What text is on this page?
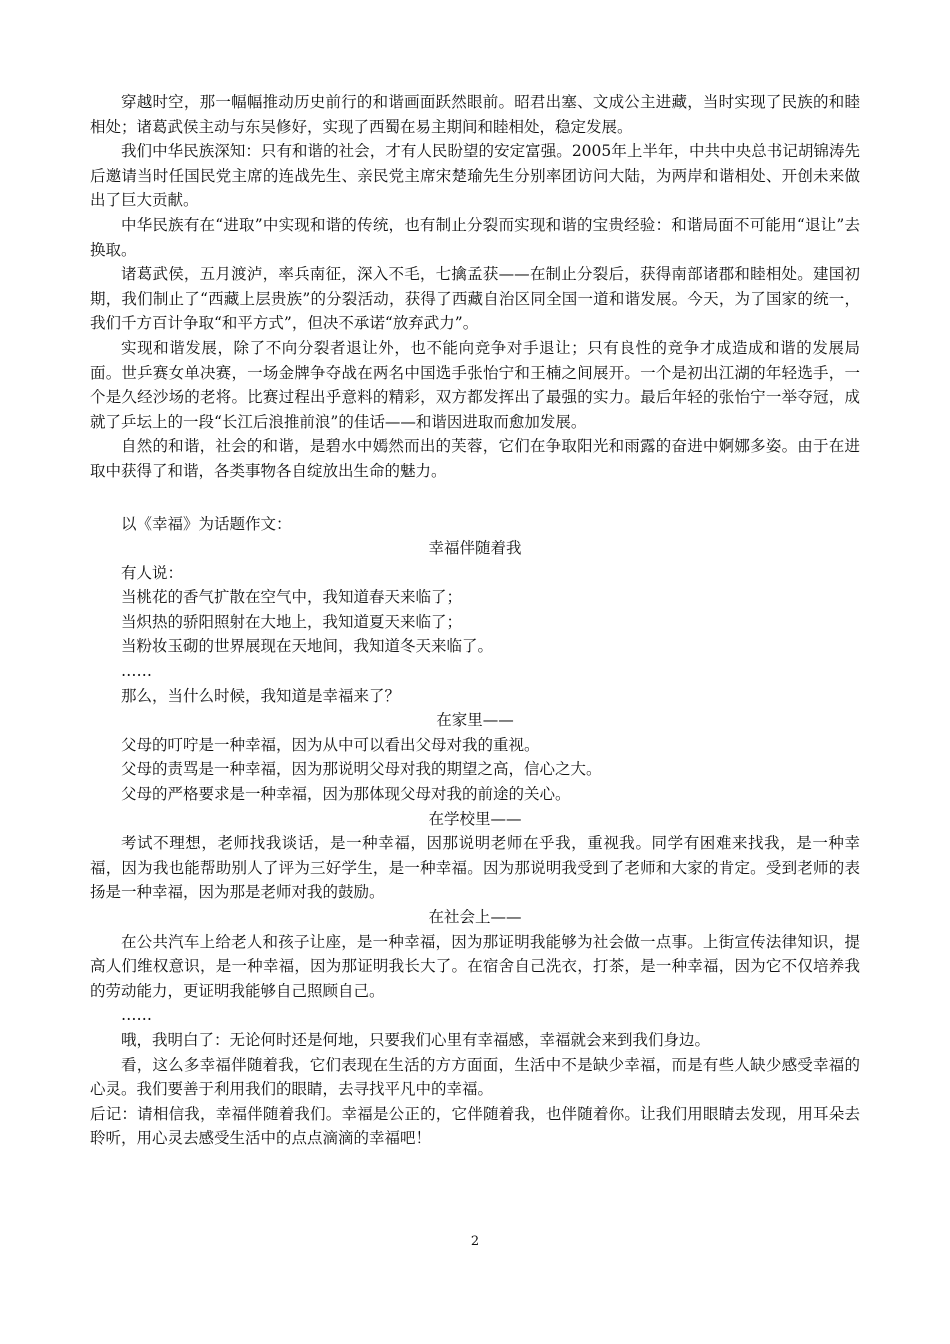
穿越时空，那一幅幅推动历史前行的和谐画面跃然眼前。昭君出塞、文成公主进藏，当时实现了民族的和睦相处；诸葛武侯主动与东吴修好，实现了西蜀在易主期间和睦相处，稳定发展。

我们中华民族深知：只有和谐的社会，才有人民盼望的安定富强。2005年上半年，中共中央总书记胡锦涛先后邀请当时任国民党主席的连战先生、亲民党主席宋楚瑜先生分别率团访问大陆，为两岸和谐相处、开创未来做出了巨大贡献。

中华民族有在“进取”中实现和谐的传统，也有制止分裂而实现和谐的宝贵经验：和谐局面不可能用“退让”去换取。

诸葛武侯，五月渡泸，率兵南征，深入不毛，七擒孟获——在制止分裂后，获得南部诸郡和睦相处。建国初期，我们制止了“西藏上层贵族”的分裂活动，获得了西藏自治区同全国一道和谐发展。今天，为了国家的统一，我们千方百计争取“和平方式”，但决不承诺“放弃武力”。

实现和谐发展，除了不向分裂者退让外，也不能向竞争对手退让；只有良性的竞争才成造成和谐的发展局面。世乒赛女单决赛，一场金牌争夺战在两名中国选手张怡宁和王楠之间展开。一个是初出江湖的年轻选手，一个是久经沙场的老将。比赛过程出乎意料的精彩，双方都发挥出了最强的实力。最后年轻的张怡宁一举夺冠，成就了乒坛上的一段“长江后浪推前浪”的佳话——和谐因进取而愈加发展。

自然的和谐，社会的和谐，是碧水中嫣然而出的芙蓉，它们在争取阳光和雨露的奋进中婀娜多姿。由于在进取中获得了和谐，各类事物各自绽放出生命的魅力。

以《幸福》为话题作文：

幸福伴随着我

有人说：

当桃花的香气扩散在空气中，我知道春天来临了；

当炽热的骄阳照射在大地上，我知道夏天来临了；

当粉妆玉砌的世界展现在天地间，我知道冬天来临了。

……

那么，当什么时候，我知道是幸福来了？

在家里——

父母的叮咛是一种幸福，因为从中可以看出父母对我的重视。

父母的责骂是一种幸福，因为那说明父母对我的期望之高，信心之大。

父母的严格要求是一种幸福，因为那体现父母对我的前途的关心。

在学校里——

考试不理想，老师找我谈话，是一种幸福，因那说明老师在乎我，重视我。同学有困难来找我，是一种幸福，因为我也能帮助别人了评为三好学生，是一种幸福。因为那说明我受到了老师和大家的肯定。受到老师的表扬是一种幸福，因为那是老师对我的鼓励。

在社会上——

在公共汽车上给老人和孩子让座，是一种幸福，因为那证明我能够为社会做一点事。上街宣传法律知识，提高人们维权意识，是一种幸福，因为那证明我长大了。在宿舍自己洗衣，打茶，是一种幸福，因为它不仅培养我的劳动能力，更证明我能够自己照顾自己。

……

哦，我明白了：无论何时还是何地，只要我们心里有幸福感，幸福就会来到我们身边。

看，这么多幸福伴随着我，它们表现在生活的方方面面，生活中不是缺少幸福，而是有些人缺少感受幸福的心灵。我们要善于利用我们的眼睛，去寻找平凡中的幸福。

后记：请相信我，幸福伴随着我们。幸福是公正的，它伴随着我，也伴随着你。让我们用眼睛去发现，用耳朵去聆听，用心灵去感受生活中的点点滴滴的幸福吧！

2
